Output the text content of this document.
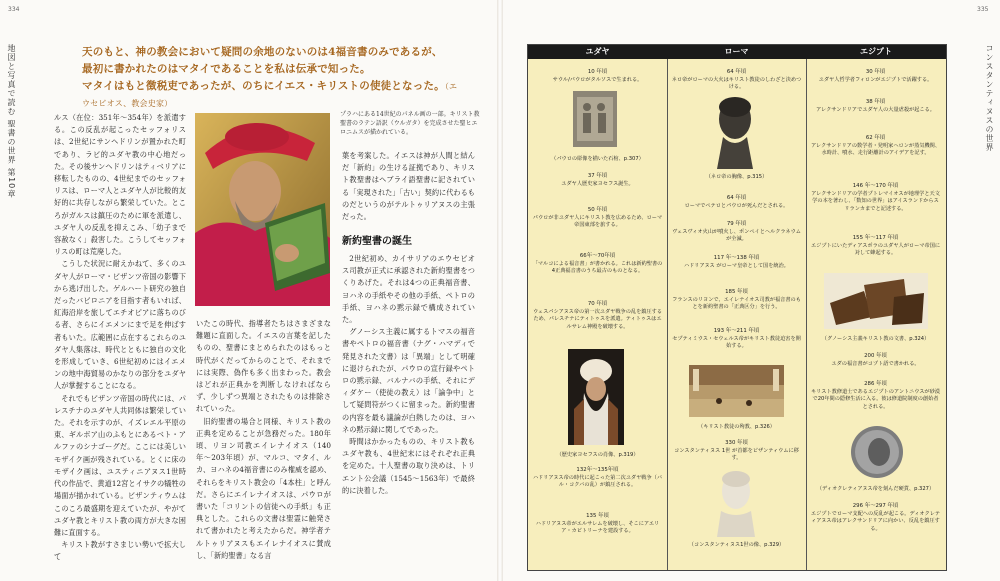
334
地図と写真で読む 聖書の世界 第10章	天のもと、神の教会において疑問の余地のないのは4福音書のみであるが、
最初に書かれたのはマタイであることを私は伝承で知った。
マタイはもと徴税吏であったが、のちにイエス・キリストの使徒となった。（エウセビオス、教会史家）

ルス（在位：351年〜354年）を派遣する。この反乱が起こったセッフォリスは、2世紀にサンヘドリンが置かれた町であり、ラビ的ユダヤ教の中心地だった。その後サンヘドリンはティベリアに移転したものの、4世紀までのセッフォリスは、ローマ人とユダヤ人が比較的友好的に共存しながら繁栄していた。ところがガルスは鎮圧のために軍を派遣し、ユダヤ人の反乱を抑えこみ、「幼子まで容赦なく」殺害した。こうしてセッフォリスの町は荒廃した。

こうした状況に耐えかねて、多くのユダヤ人がローマ・ビザンツ帝国の影響下から逃げ出した。ゲルハート研究の独自だったバビロニアを目指す者もいれば、紅海沿岸を旅してエチオピアに落ちのびる者、さらにイエメンにまで足を伸ばす者もいた。広範囲に点在するこれらのユダヤ人集落は、時代とともに独自の文化を形成していき、6世紀初めにはイエメンの地中海貿易のかなりの部分をユダヤ人が掌握することになる。

それでもビザンツ帝国の時代には、パレスチナのユダヤ人共同体は繁栄していた。それを示すのが、イズレエル平原の東、ギルボア山のふもとにあるベト・アルファのシナゴーグだ。ここには美しいモザイク画が残されている。とくに床のモザイク画は、ユスティニアヌス1世時代の作品で、黄道12宮とイサクの犠牲の場面が描かれている。ビザンティウムはこのころ最盛期を迎えていたが、やがてユダヤ教とキリスト教の両方が大きな困難に直面する。

キリスト教がすさまじい勢いで拡大して

プラハにある14世紀のパネル画の一部。キリスト教聖書のラテン語訳（ウルガタ）を完成させた聖ヒエロニムスが描かれている。

いたこの時代、指導者たちはさまざまな難題に直面した。イエスの言葉を記したものの、聖書にまとめられたのはもっと時代がくだってからのことで、それまでには実際、偽作も多く出まわった。教会はどれが正典かを判断しなければならず、少しずつ異端とされたものは排除されていった。

旧約聖書の場合と同様、キリスト教の正典を定めることが急務だった。180年頃、リヨン司教エイレナイオス（140年〜203年頃）が、マルコ、マタイ、ルカ、ヨハネの4福音書にのみ権威を認め、それらをキリスト教会の「4本柱」と呼んだ。さらにエイレナイオスは、パウロが書いた「コリントの信徒への手紙」も正典とした。これらの文書は聖霊に触発されて書かれたと考えたからだ。神学者テルトゥリアヌスもエイレナイオスに賛成し、「新約聖書」なる言

葉を考案した。イエスは神が人間と結んだ「新約」の生ける証拠であり、キリスト教聖書はヘブライ語聖書に記されている「実現された」「古い」契約に代わるものだというのがテルトゥリアヌスの主張だった。

新約聖書の誕生

2世紀初め、カイサリアのエウセビオス司教が正式に承認された新約聖書をつくりあげた。それは4つの正典福音書、ヨハネの手紙やその他の手紙、ペトロの手紙、ヨハネの黙示録で構成されていた。

グノーシス主義に属するトマスの福音書やペトロの福音書（ナグ・ハマディで発見された文書）は「異端」として明確に退けられたが、パウロの宣行録やペトロの黙示録、バルナバの手紙、それにディダケー（使徒の教え）は「論争中」として疑問符がつくに留まった。新約聖書の内容を最も議論が白熱したのは、ヨハネの黙示録に関してであった。

時間はかかったものの、キリスト教もユダヤ教も、4世紀末にはそれぞれ正典を定めた。十人聖書の取り決めは、トリエント公会議（1545〜1563年）で最終的に決着した。

335
コンスタンティヌスの世界
ユダヤ
10 年頃
サウル/パウロがタルソスで生まれる。
（パウロの彫像を描いた石棺、p.307）
37 年頃
ユダヤ人歴史家ヨセフス誕生。
50 年頃
パウロが非ユダヤ人にキリスト教を広めるため、ローマ帝国東部を旅する。
66年〜70年頃
「マルコによる福音書」が書かれる。これは新約聖書の4正典福音書のうち最古のものとなる。
70 年頃
ウェスパシアヌス帝の第一次ユダヤ戦争の乱を鎮圧するため、パレスチナにティトゥスを派遣。ティトゥスはエルサレム神殿を破壊する。
（歴史家ヨセフスの肖像、p.319）
132年〜135年頃
ハドリアヌス帝の時代に起こった第二次ユダヤ戦争（バル・コクバの乱）が鎮圧される。
135 年頃
ハドリアヌス帝がエルサレムを破壊し、そこにアエリア・カピトリーナを建設する。
ローマ
64 年頃
ネロ帝がローマの大火はキリスト教徒のしわざと決めつける。
（ネロ帝の胸像、p.315）
64 年頃
ローマでペテロとパウロが死んだとされる。
79 年頃
ヴェスヴィオ火山が噴火し、ポンペイとヘルクラネウムが全滅。
117 年〜138 年頃
ハドリアヌス がローマ皇帝として国を統治。
185 年頃
フランスのリヨンで、エイレナイオス司教が福音書のもとを新約聖書の「正典区分」を行う。
193 年〜211 年頃
セプティミウス・セウェルス帝がキリスト教徒迫害を開始する。
（キリスト教徒の殉教、p.326）
330 年頃
コンスタンティヌス 1世 が首都をビザンティウムに移す。
（コンスタンティヌス1世の像、p.329）
エジプト
30 年頃
ユダヤ人哲学者フィロンがエジプトで活躍する。
38 年頃
アレクサンドリアでユダヤ人の大量虐殺が起こる。
62 年頃
アレクサンドリアの数学者・発明家ヘロンが蒸気機関、水時計、噴水、走行距離計のアイデアを記す。
146 年〜170 年頃
アレクサンドリアの学者プトレマイオスが地理学と天文学の本を著わし、「数知の世界」はアイスランドからスリランカまでと記述する。
155 年〜117 年頃
エジプトにいたディアスポラのユダヤ人がローマ帝国に対して蜂起する。
（グノーシス主義キリスト教の文書、p.324）
200 年頃
ユダの福音書がコプト語で書かれる。
286 年頃
キリスト教修道士であるエジプトのアントニウスが砂漠で20年間の隠修生活に入る。彼は修道院制度の創始者とされる。
（ディオクレティアヌス帝を刻んだ硬貨、p.327）
296 年〜297 年頃
エジプトでローマ支配への反乱が起こる。ディオクレティアヌス帝はアレクサンドリアに向かい、反乱を鎮圧する。
